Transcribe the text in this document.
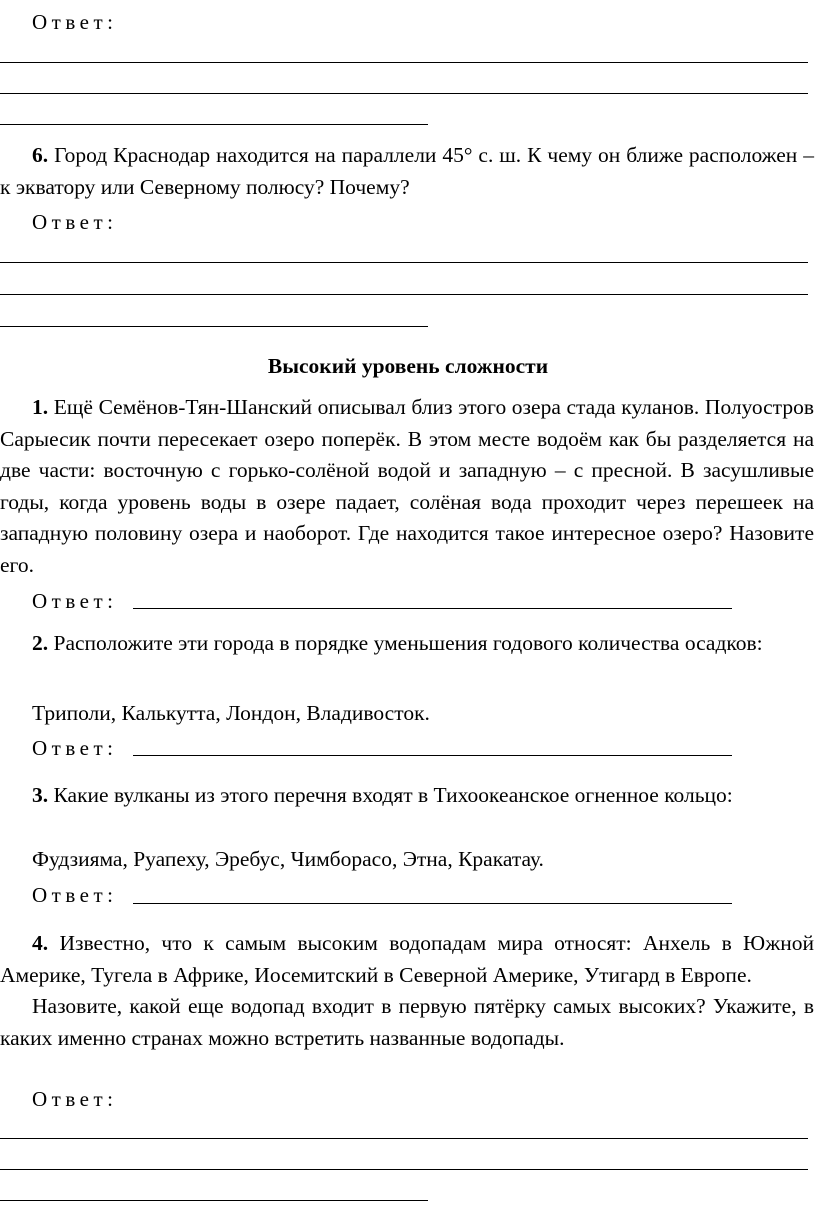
Ответ:
6. Город Краснодар находится на параллели 45° с. ш. К чему он ближе расположен – к экватору или Северному полюсу? Почему?
Ответ:
Высокий уровень сложности
1. Ещё Семёнов-Тян-Шанский описывал близ этого озера стада куланов. Полуостров Сарыесик почти пересекает озеро поперёк. В этом месте водоём как бы разделяется на две части: восточную с горько-солёной водой и западную – с пресной. В засушливые годы, когда уровень воды в озере падает, солёная вода проходит через перешеек на западную половину озера и наоборот. Где находится такое интересное озеро? Назовите его.
Ответ:
2. Расположите эти города в порядке уменьшения годового количества осадков:
Триполи, Калькутта, Лондон, Владивосток.
Ответ:
3. Какие вулканы из этого перечня входят в Тихоокеанское огненное кольцо:
Фудзияма, Руапеху, Эребус, Чимборасо, Этна, Кракатау.
Ответ:
4. Известно, что к самым высоким водопадам мира относят: Анхель в Южной Америке, Тугела в Африке, Иосемитский в Северной Америке, Утигард в Европе.
Назовите, какой еще водопад входит в первую пятёрку самых высоких? Укажите, в каких именно странах можно встретить названные водопады.
Ответ:
